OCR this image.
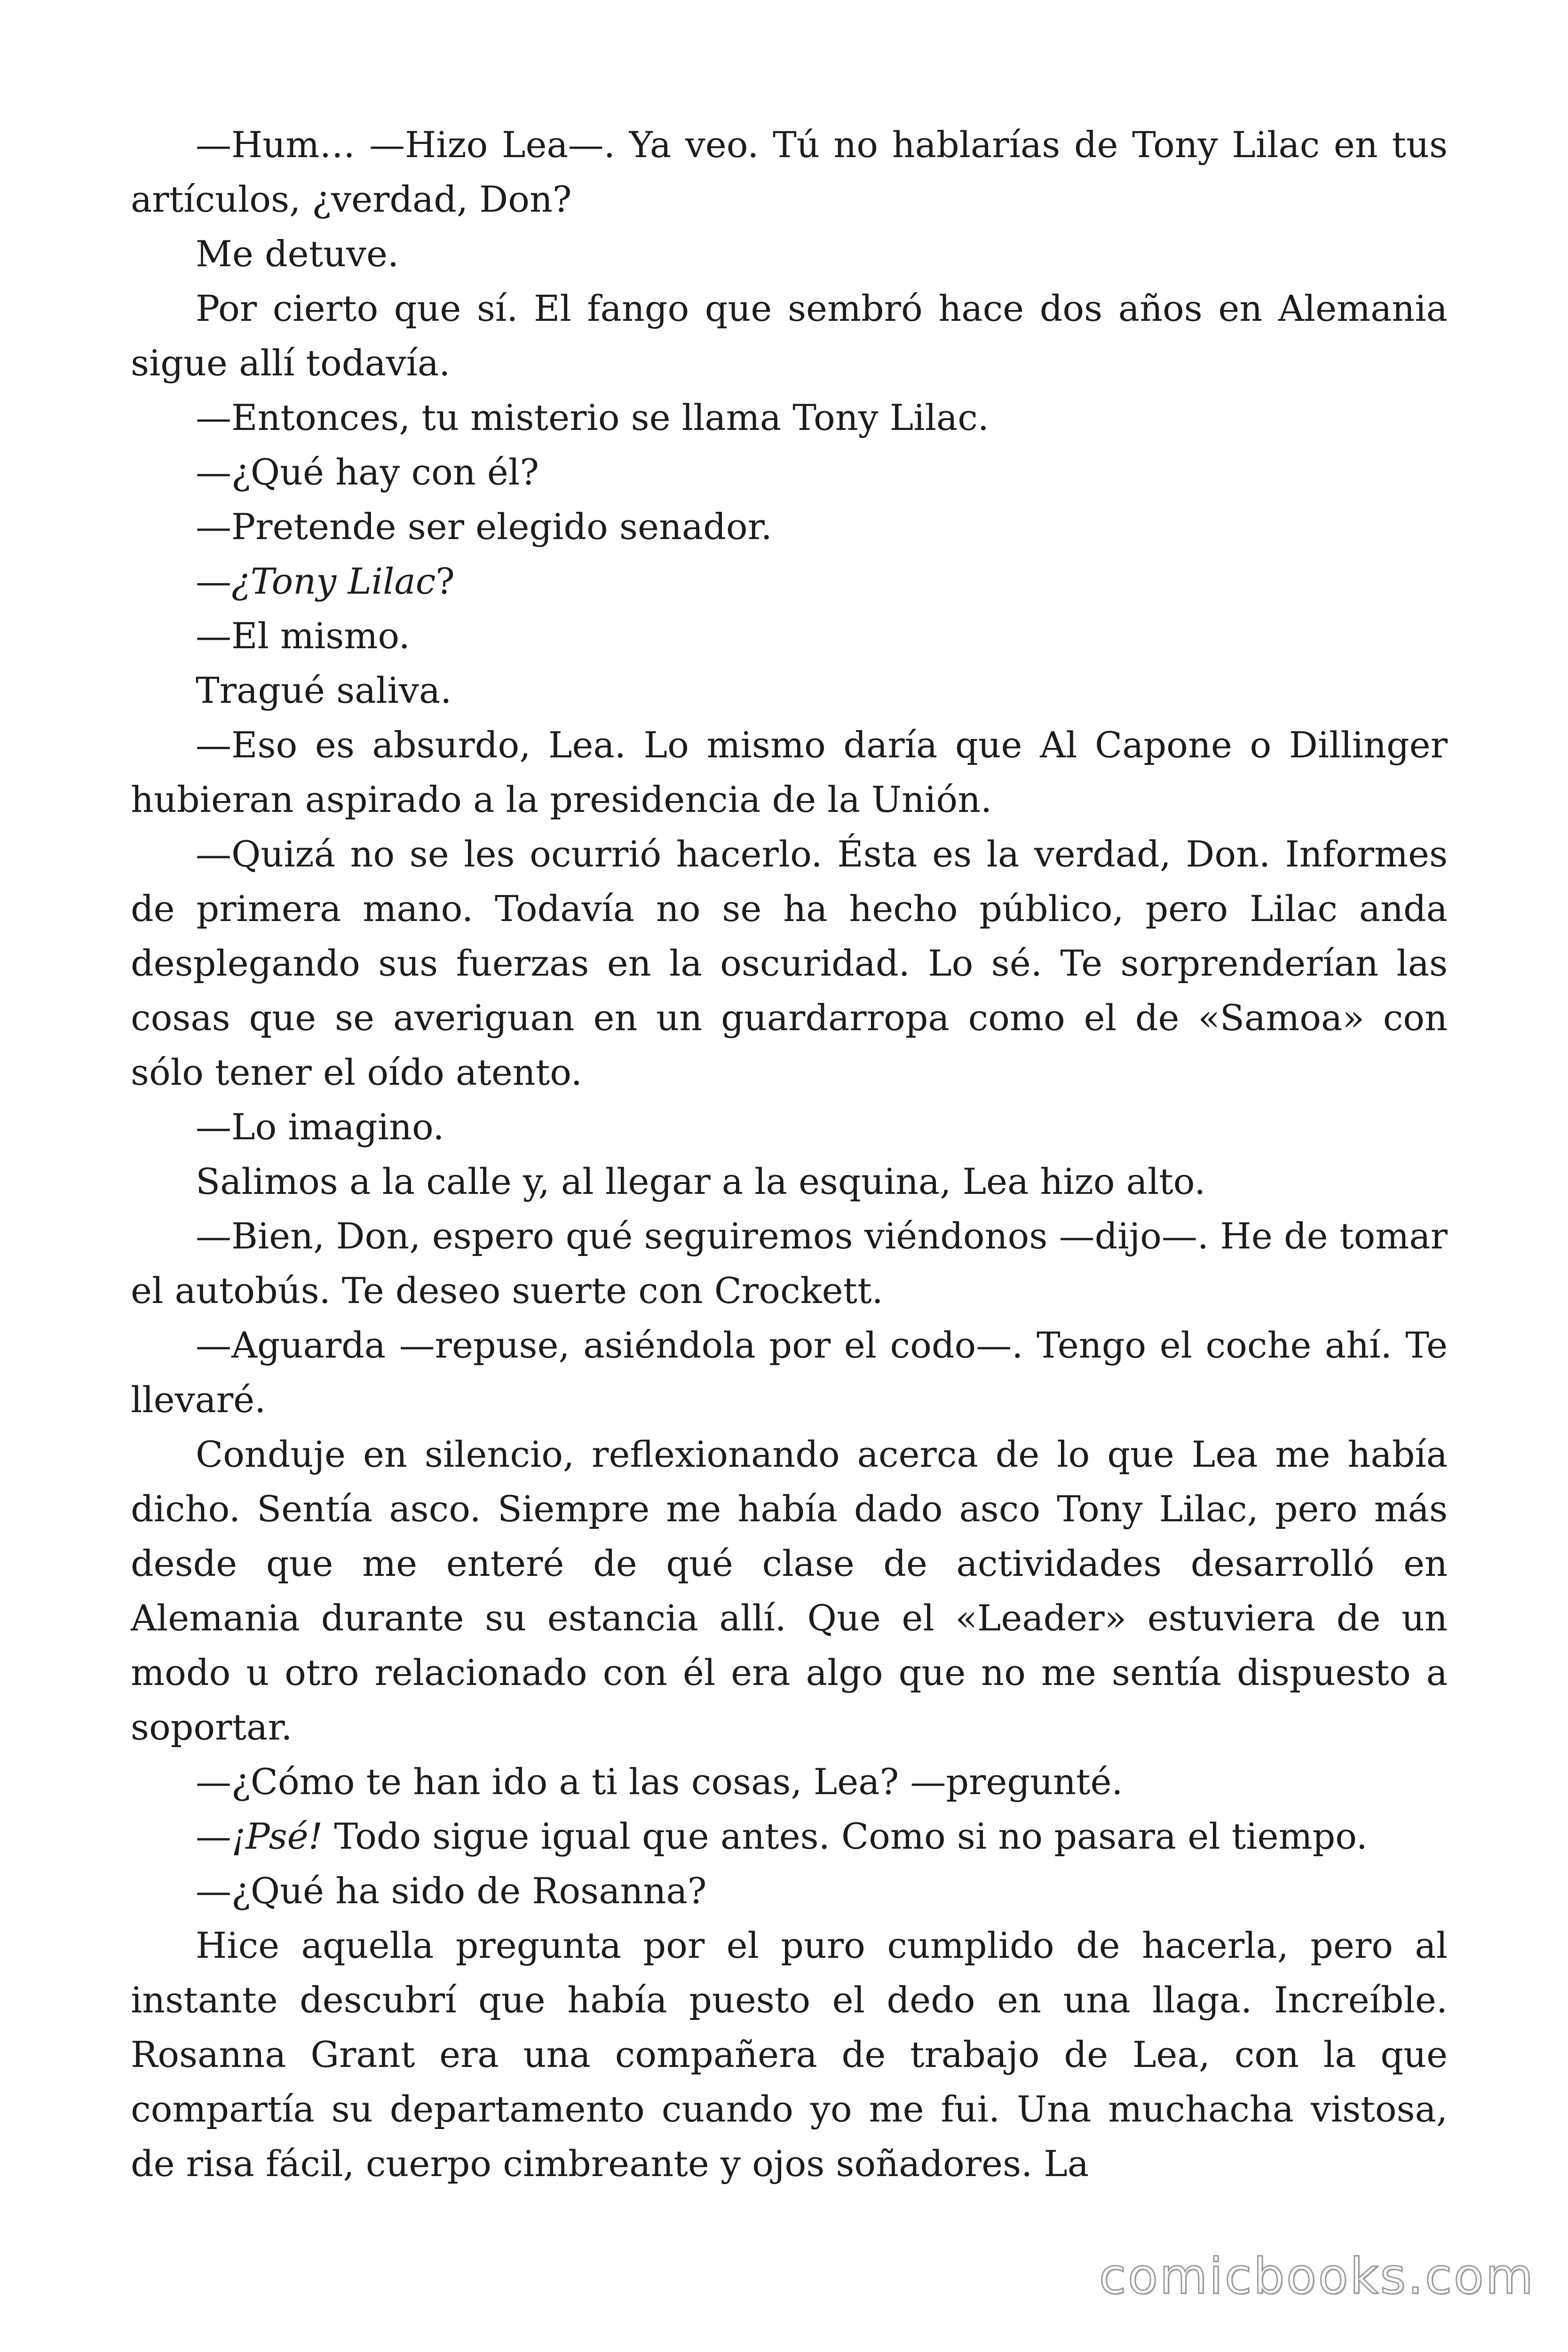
—Hum… —Hizo Lea—. Ya veo. Tú no hablarías de Tony Lilac en tus artículos, ¿verdad, Don?

Me detuve.

Por cierto que sí. El fango que sembró hace dos años en Alemania sigue allí todavía.

—Entonces, tu misterio se llama Tony Lilac.

—¿Qué hay con él?

—Pretende ser elegido senador.

—¿Tony Lilac?

—El mismo.

Tragué saliva.

—Eso es absurdo, Lea. Lo mismo daría que Al Capone o Dillinger hubieran aspirado a la presidencia de la Unión.

—Quizá no se les ocurrió hacerlo. Ésta es la verdad, Don. Informes de primera mano. Todavía no se ha hecho público, pero Lilac anda desplegando sus fuerzas en la oscuridad. Lo sé. Te sorprenderían las cosas que se averiguan en un guardarropa como el de «Samoa» con sólo tener el oído atento.

—Lo imagino.

Salimos a la calle y, al llegar a la esquina, Lea hizo alto.

—Bien, Don, espero qué seguiremos viéndonos —dijo—. He de tomar el autobús. Te deseo suerte con Crockett.

—Aguarda —repuse, asiéndola por el codo—. Tengo el coche ahí. Te llevaré.

Conduje en silencio, reflexionando acerca de lo que Lea me había dicho. Sentía asco. Siempre me había dado asco Tony Lilac, pero más desde que me enteré de qué clase de actividades desarrolló en Alemania durante su estancia allí. Que el «Leader» estuviera de un modo u otro relacionado con él era algo que no me sentía dispuesto a soportar.

—¿Cómo te han ido a ti las cosas, Lea? —pregunté.

—¡Psé! Todo sigue igual que antes. Como si no pasara el tiempo.

—¿Qué ha sido de Rosanna?

Hice aquella pregunta por el puro cumplido de hacerla, pero al instante descubrí que había puesto el dedo en una llaga. Increíble. Rosanna Grant era una compañera de trabajo de Lea, con la que compartía su departamento cuando yo me fui. Una muchacha vistosa, de risa fácil, cuerpo cimbreante y ojos soñadores. La

comicbooks.com
